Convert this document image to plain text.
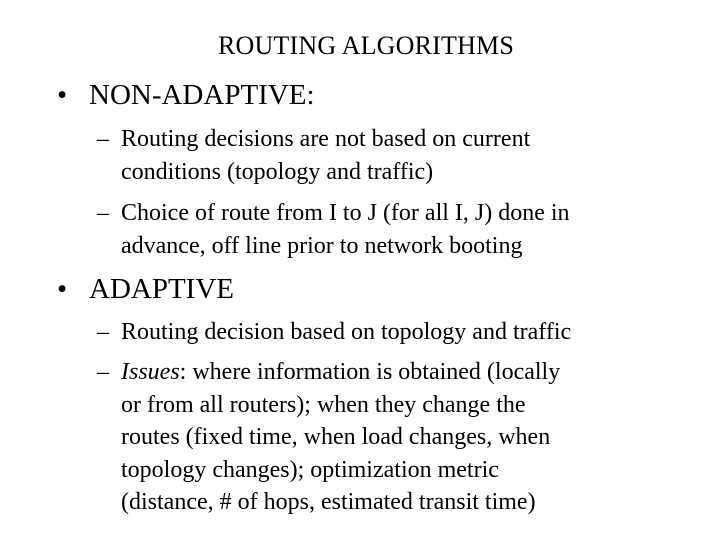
ROUTING ALGORITHMS
• NON-ADAPTIVE:
– Routing decisions are not based on current
conditions (topology and traffic)
– Choice of route from I to J (for all I, J) done in
advance, off line prior to network booting
• ADAPTIVE
– Routing decision based on topology and traffic
– Issues: where information is obtained (locally
or from all routers); when they change the
routes (fixed time, when load changes, when
topology changes); optimization metric
(distance, # of hops, estimated transit time)
